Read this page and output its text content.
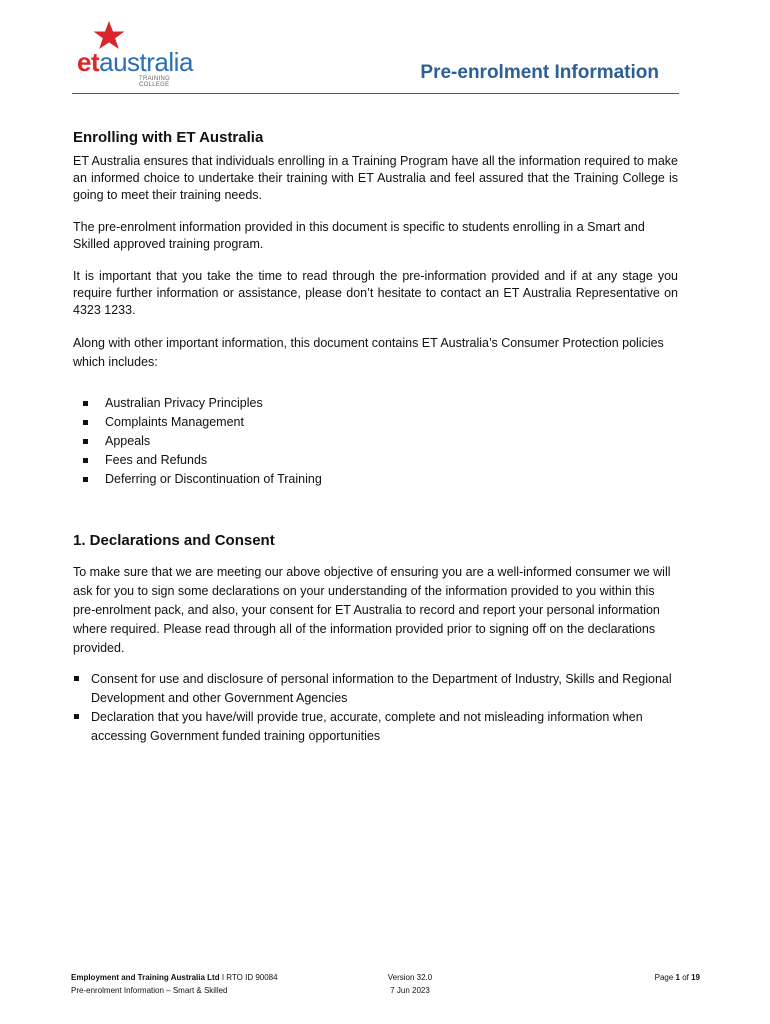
etaustralia
TRAINING COLLEGE
Pre-enrolment Information
Enrolling with ET Australia

ET Australia ensures that individuals enrolling in a Training Program have all the information required to make an informed choice to undertake their training with ET Australia and feel assured that the Training College is going to meet their training needs.

The pre-enrolment information provided in this document is specific to students enrolling in a Smart and Skilled approved training program.

It is important that you take the time to read through the pre-information provided and if at any stage you require further information or assistance, please don’t hesitate to contact an ET Australia Representative on 4323 1233.

Along with other important information, this document contains ET Australia’s Consumer Protection policies which includes:

Australian Privacy Principles
Complaints Management
Appeals
Fees and Refunds
Deferring or Discontinuation of Training
1. Declarations and Consent

To make sure that we are meeting our above objective of ensuring you are a well-informed consumer we will ask for you to sign some declarations on your understanding of the information provided to you within this pre-enrolment pack, and also, your consent for ET Australia to record and report your personal information where required. Please read through all of the information provided prior to signing off on the declarations provided.

Consent for use and disclosure of personal information to the Department of Industry, Skills and Regional Development and other Government Agencies
Declaration that you have/will provide true, accurate, complete and not misleading information when accessing Government funded training opportunities
Employment and Training Australia Ltd I RTO ID 90084
Pre-enrolment Information – Smart & Skilled
Version 32.0
7 Jun 2023
Page 1 of 19
